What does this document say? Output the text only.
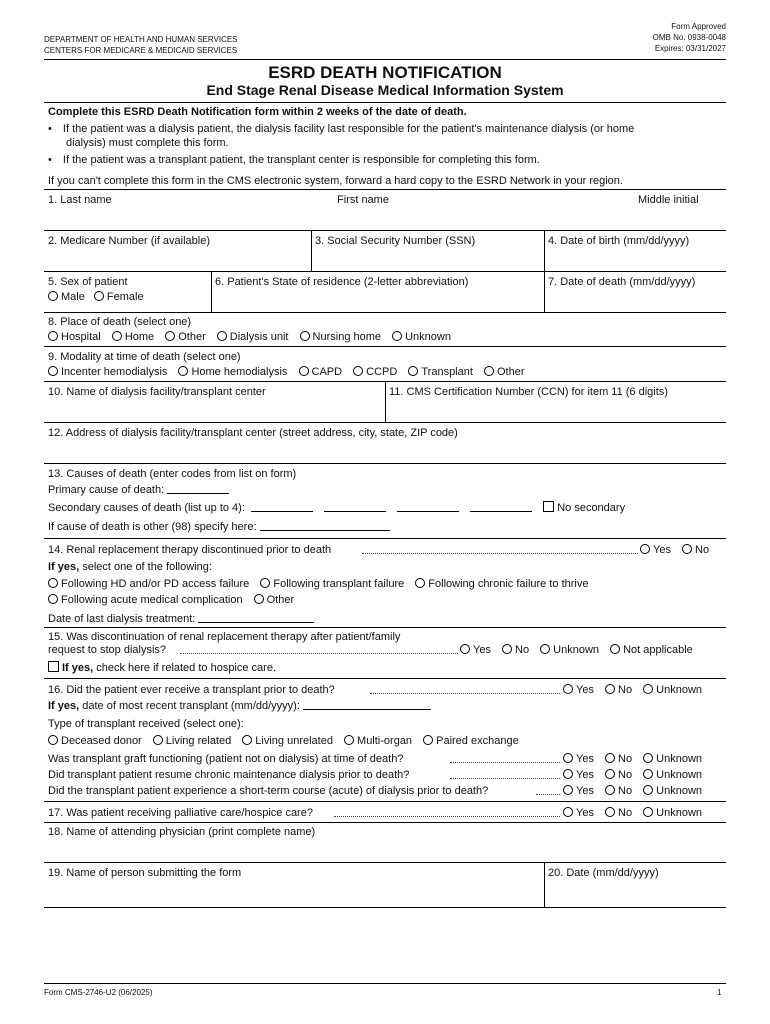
DEPARTMENT OF HEALTH AND HUMAN SERVICES
CENTERS FOR MEDICARE & MEDICAID SERVICES
Form Approved
OMB No. 0938-0048
Expires: 03/31/2027
ESRD DEATH NOTIFICATION
End Stage Renal Disease Medical Information System
Complete this ESRD Death Notification form within 2 weeks of the date of death.
• If the patient was a dialysis patient, the dialysis facility last responsible for the patient's maintenance dialysis (or home
dialysis) must complete this form.
• If the patient was a transplant patient, the transplant center is responsible for completing this form.
If you can't complete this form in the CMS electronic system, forward a hard copy to the ESRD Network in your region.
1. Last name	First name	Middle initial
2. Medicare Number (if available)	3. Social Security Number (SSN)	4. Date of birth (mm/dd/yyyy)
5. Sex of patient
Male Female
6. Patient's State of residence (2-letter abbreviation)	7. Date of death (mm/dd/yyyy)
8. Place of death (select one)
Hospital Home Other Dialysis unit Nursing home Unknown
9. Modality at time of death (select one)
Incenter hemodialysis Home hemodialysis CAPD CCPD Transplant Other
10. Name of dialysis facility/transplant center	11. CMS Certification Number (CCN) for item 11 (6 digits)
12. Address of dialysis facility/transplant center (street address, city, state, ZIP code)
13. Causes of death (enter codes from list on form)
Primary cause of death:
Secondary causes of death (list up to 4):	No secondary
If cause of death is other (98) specify here:
14. Renal replacement therapy discontinued prior to death	Yes No
If yes, select one of the following:
Following HD and/or PD access failure Following transplant failure Following chronic failure to thrive
Following acute medical complication Other
Date of last dialysis treatment:
15. Was discontinuation of renal replacement therapy after patient/family
request to stop dialysis?	Yes No Unknown Not applicable
If yes, check here if related to hospice care.
16. Did the patient ever receive a transplant prior to death?	Yes No Unknown
If yes, date of most recent transplant (mm/dd/yyyy):
Type of transplant received (select one):
Deceased donor Living related Living unrelated Multi-organ Paired exchange
Was transplant graft functioning (patient not on dialysis) at time of death?	Yes No Unknown
Did transplant patient resume chronic maintenance dialysis prior to death?	Yes No Unknown
Did the transplant patient experience a short-term course (acute) of dialysis prior to death?	Yes No Unknown
17. Was patient receiving palliative care/hospice care?	Yes No Unknown
18. Name of attending physician (print complete name)
19. Name of person submitting the form	20. Date (mm/dd/yyyy)
Form CMS-2746-U2 (06/2025)	1
